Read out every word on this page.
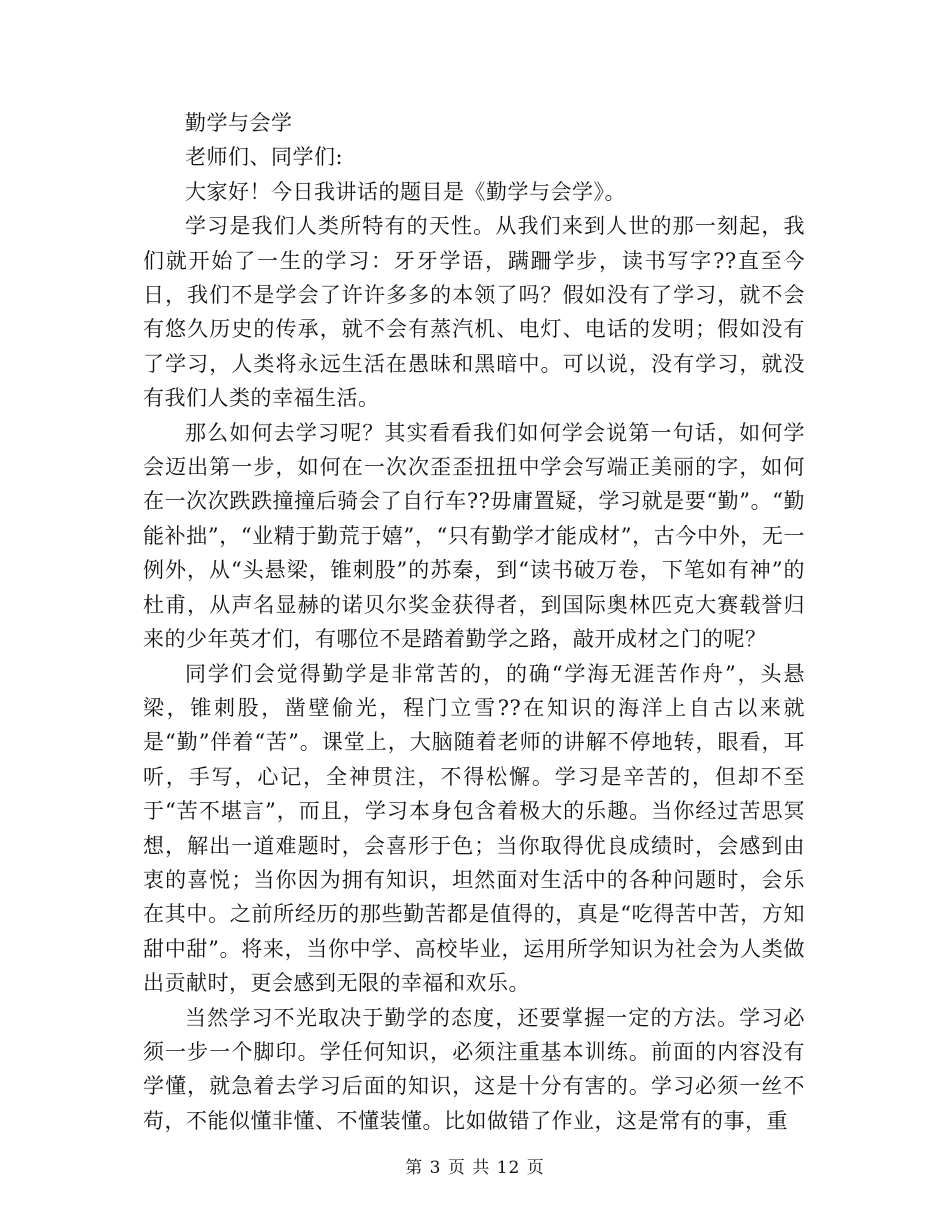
勤学与会学

老师们、同学们:

大家好！今日我讲话的题目是《勤学与会学》。

学习是我们人类所特有的天性。从我们来到人世的那一刻起，我们就开始了一生的学习：牙牙学语，蹒跚学步，读书写字??直至今日，我们不是学会了许许多多的本领了吗？假如没有了学习，就不会有悠久历史的传承，就不会有蒸汽机、电灯、电话的发明；假如没有了学习，人类将永远生活在愚昧和黑暗中。可以说，没有学习，就没有我们人类的幸福生活。

那么如何去学习呢？其实看看我们如何学会说第一句话，如何学会迈出第一步，如何在一次次歪歪扭扭中学会写端正美丽的字，如何在一次次跌跌撞撞后骑会了自行车??毋庸置疑，学习就是要“勤”。“勤能补拙”，“业精于勤荒于嬉”，“只有勤学才能成材”，古今中外，无一例外，从“头悬梁，锥刺股”的苏秦，到“读书破万卷，下笔如有神”的杜甫，从声名显赫的诺贝尔奖金获得者，到国际奥林匹克大赛载誉归来的少年英才们，有哪位不是踏着勤学之路，敲开成材之门的呢？

同学们会觉得勤学是非常苦的，的确“学海无涯苦作舟”，头悬梁，锥刺股，凿壁偷光，程门立雪??在知识的海洋上自古以来就是“勤”伴着“苦”。课堂上，大脑随着老师的讲解不停地转，眼看，耳听，手写，心记，全神贯注，不得松懈。学习是辛苦的，但却不至于“苦不堪言”，而且，学习本身包含着极大的乐趣。当你经过苦思冥想，解出一道难题时，会喜形于色；当你取得优良成绩时，会感到由衷的喜悦；当你因为拥有知识，坦然面对生活中的各种问题时，会乐在其中。之前所经历的那些勤苦都是值得的，真是“吃得苦中苦，方知甜中甜”。将来，当你中学、高校毕业，运用所学知识为社会为人类做出贡献时，更会感到无限的幸福和欢乐。

当然学习不光取决于勤学的态度，还要掌握一定的方法。学习必须一步一个脚印。学任何知识，必须注重基本训练。前面的内容没有学懂，就急着去学习后面的知识，这是十分有害的。学习必须一丝不苟，不能似懂非懂、不懂装懂。比如做错了作业，这是常有的事，重

第 3 页 共 12 页
